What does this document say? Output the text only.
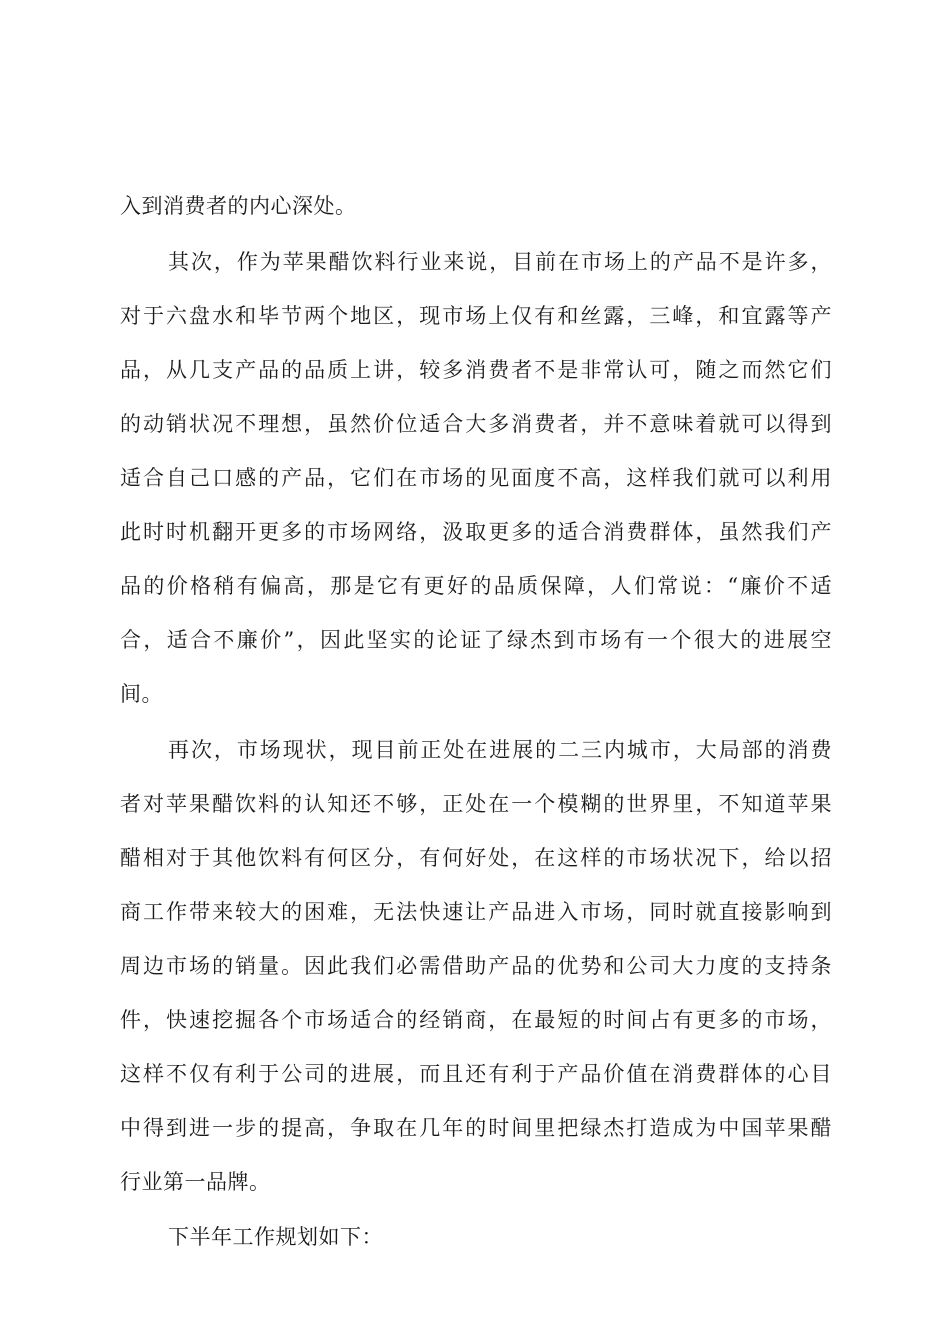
入到消费者的内心深处。
其次，作为苹果醋饮料行业来说，目前在市场上的产品不是许多，
对于六盘水和毕节两个地区，现市场上仅有和丝露，三峰，和宜露等产
品，从几支产品的品质上讲，较多消费者不是非常认可，随之而然它们
的动销状况不理想，虽然价位适合大多消费者，并不意味着就可以得到
适合自己口感的产品，它们在市场的见面度不高，这样我们就可以利用
此时时机翻开更多的市场网络，汲取更多的适合消费群体，虽然我们产
品的价格稍有偏高，那是它有更好的品质保障，人们常说：“廉价不适
合，适合不廉价”，因此坚实的论证了绿杰到市场有一个很大的进展空
间。
再次，市场现状，现目前正处在进展的二三内城市，大局部的消费
者对苹果醋饮料的认知还不够，正处在一个模糊的世界里，不知道苹果
醋相对于其他饮料有何区分，有何好处，在这样的市场状况下，给以招
商工作带来较大的困难，无法快速让产品进入市场，同时就直接影响到
周边市场的销量。因此我们必需借助产品的优势和公司大力度的支持条
件，快速挖掘各个市场适合的经销商，在最短的时间占有更多的市场，
这样不仅有利于公司的进展，而且还有利于产品价值在消费群体的心目
中得到进一步的提高，争取在几年的时间里把绿杰打造成为中国苹果醋
行业第一品牌。
下半年工作规划如下：
